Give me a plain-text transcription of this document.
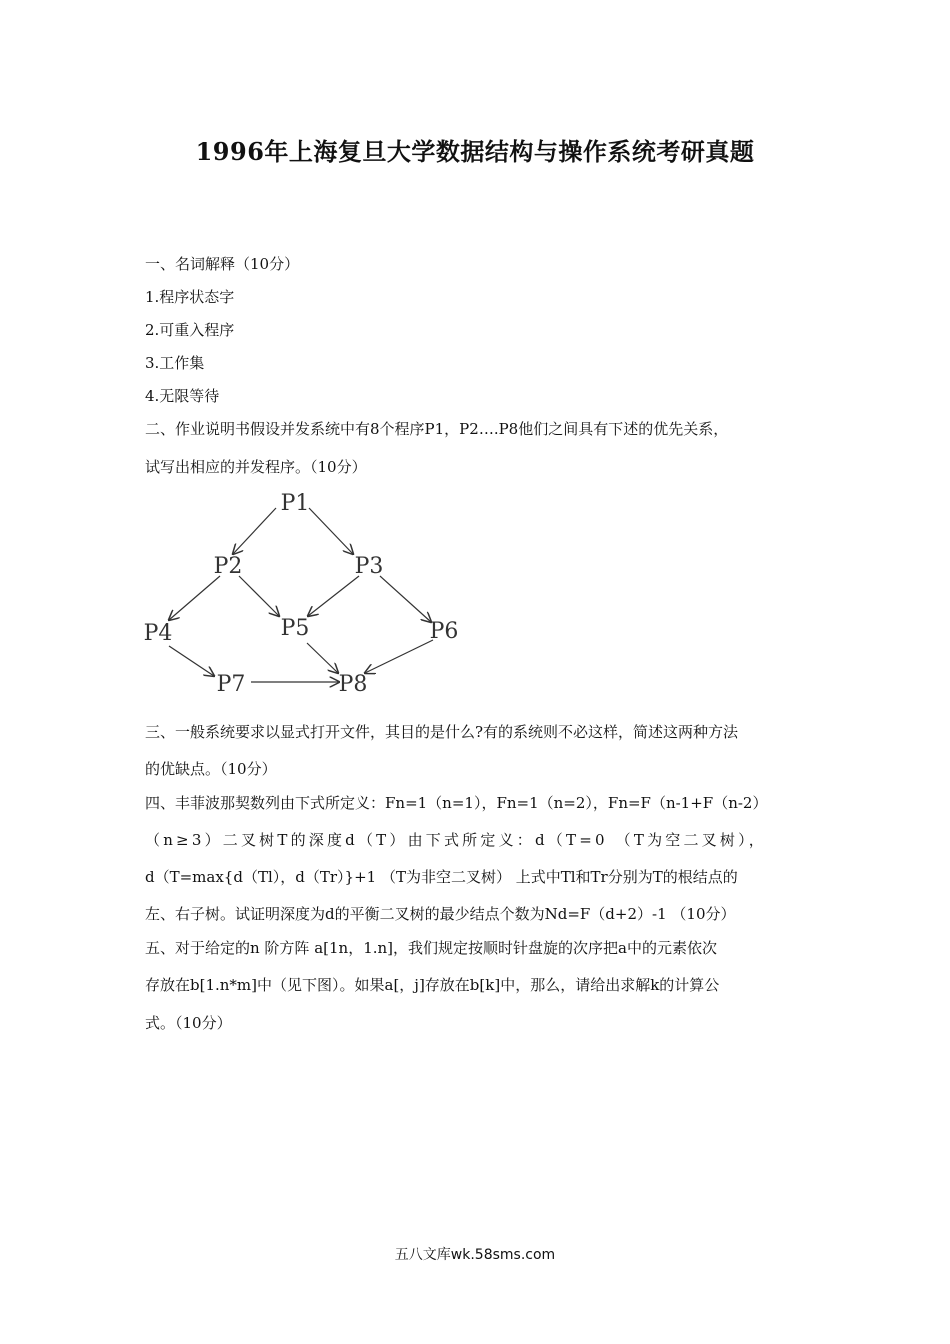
1996年上海复旦大学数据结构与操作系统考研真题
一、名词解释（10分）
1.程序状态字
2.可重入程序
3.工作集
4.无限等待
二、作业说明书假设并发系统中有8个程序P1，P2….P8他们之间具有下述的优先关系，
试写出相应的并发程序。（10分）
P1
P2	P3
P4	P5	P6
P7	P8
三、一般系统要求以显式打开文件，其目的是什么?有的系统则不必这样，简述这两种方法
的优缺点。（10分）
四、丰菲波那契数列由下式所定义：Fn=1（n=1），Fn=1（n=2），Fn=F（n-1+F（n-2）
（n≥3）二叉树T的深度d（T）由下式所定义：d（T=0 （T为空二叉树），
d（T=max{d（Tl），d（Tr）}+1 （T为非空二叉树） 上式中Tl和Tr分别为T的根结点的
左、右子树。试证明深度为d的平衡二叉树的最少结点个数为Nd=F（d+2）-1 （10分）
五、对于给定的n 阶方阵 a[1n，1.n]，我们规定按顺时针盘旋的次序把a中的元素依次
存放在b[1.n*m]中（见下图）。如果a[，j]存放在b[k]中，那么，请给出求解k的计算公
式。（10分）
五八文库wk.58sms.com
